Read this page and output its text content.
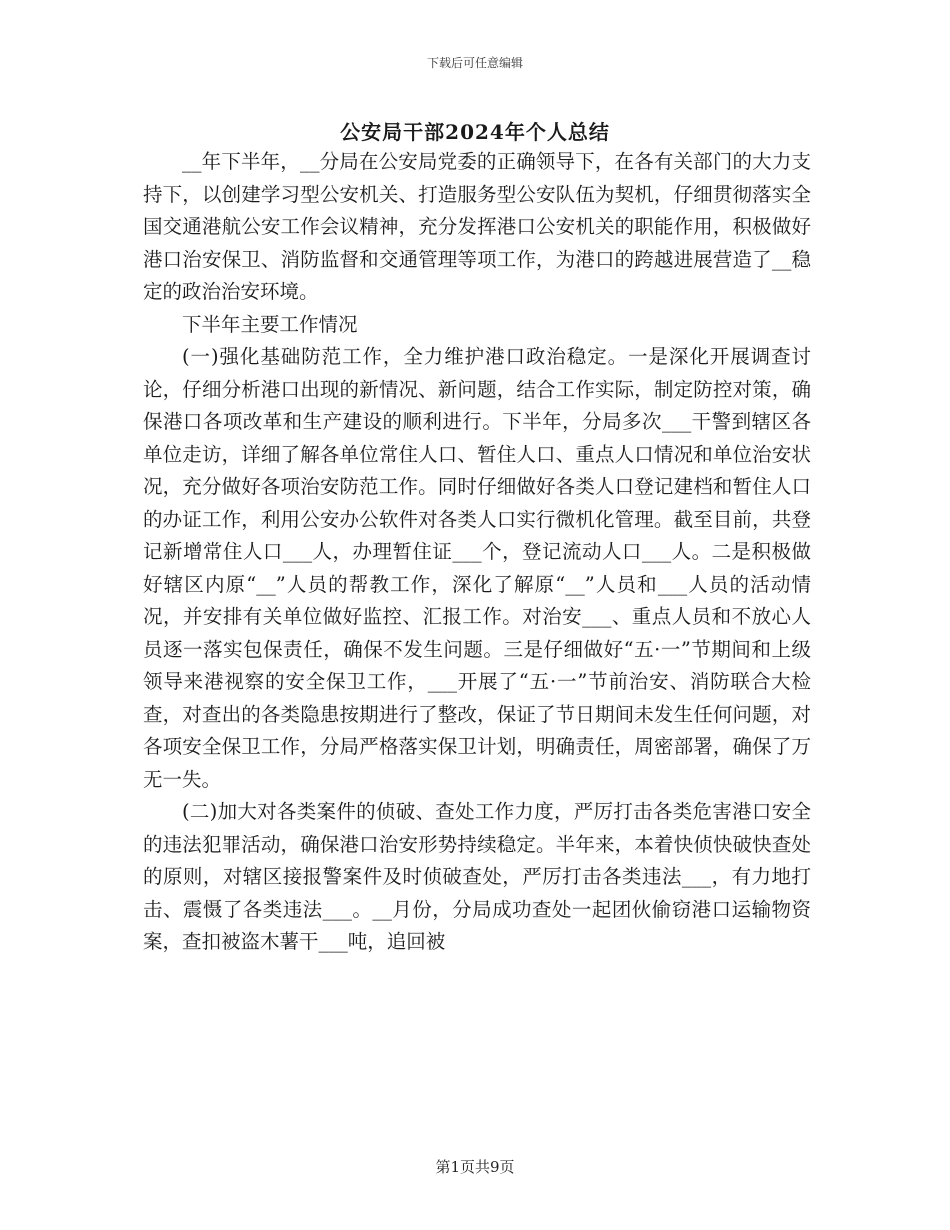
下载后可任意编辑
公安局干部2024年个人总结

__年下半年，__分局在公安局党委的正确领导下，在各有关部门的大力支持下，以创建学习型公安机关、打造服务型公安队伍为契机，仔细贯彻落实全国交通港航公安工作会议精神，充分发挥港口公安机关的职能作用，积极做好港口治安保卫、消防监督和交通管理等项工作，为港口的跨越进展营造了__稳定的政治治安环境。

下半年主要工作情况

(一)强化基础防范工作，全力维护港口政治稳定。一是深化开展调查讨论，仔细分析港口出现的新情况、新问题，结合工作实际，制定防控对策，确保港口各项改革和生产建设的顺利进行。下半年，分局多次___干警到辖区各单位走访，详细了解各单位常住人口、暂住人口、重点人口情况和单位治安状况，充分做好各项治安防范工作。同时仔细做好各类人口登记建档和暂住人口的办证工作，利用公安办公软件对各类人口实行微机化管理。截至目前，共登记新增常住人口___人，办理暂住证___个，登记流动人口___人。二是积极做好辖区内原“__”人员的帮教工作，深化了解原“__”人员和___人员的活动情况，并安排有关单位做好监控、汇报工作。对治安___、重点人员和不放心人员逐一落实包保责任，确保不发生问题。三是仔细做好“五·一”节期间和上级领导来港视察的安全保卫工作，___开展了“五·一”节前治安、消防联合大检查，对查出的各类隐患按期进行了整改，保证了节日期间未发生任何问题，对各项安全保卫工作，分局严格落实保卫计划，明确责任，周密部署，确保了万无一失。

(二)加大对各类案件的侦破、查处工作力度，严厉打击各类危害港口安全的违法犯罪活动，确保港口治安形势持续稳定。半年来，本着快侦快破快查处的原则，对辖区接报警案件及时侦破查处，严厉打击各类违法___，有力地打击、震慑了各类违法___。__月份，分局成功查处一起团伙偷窃港口运输物资案，查扣被盗木薯干___吨，追回被

第1页共9页
